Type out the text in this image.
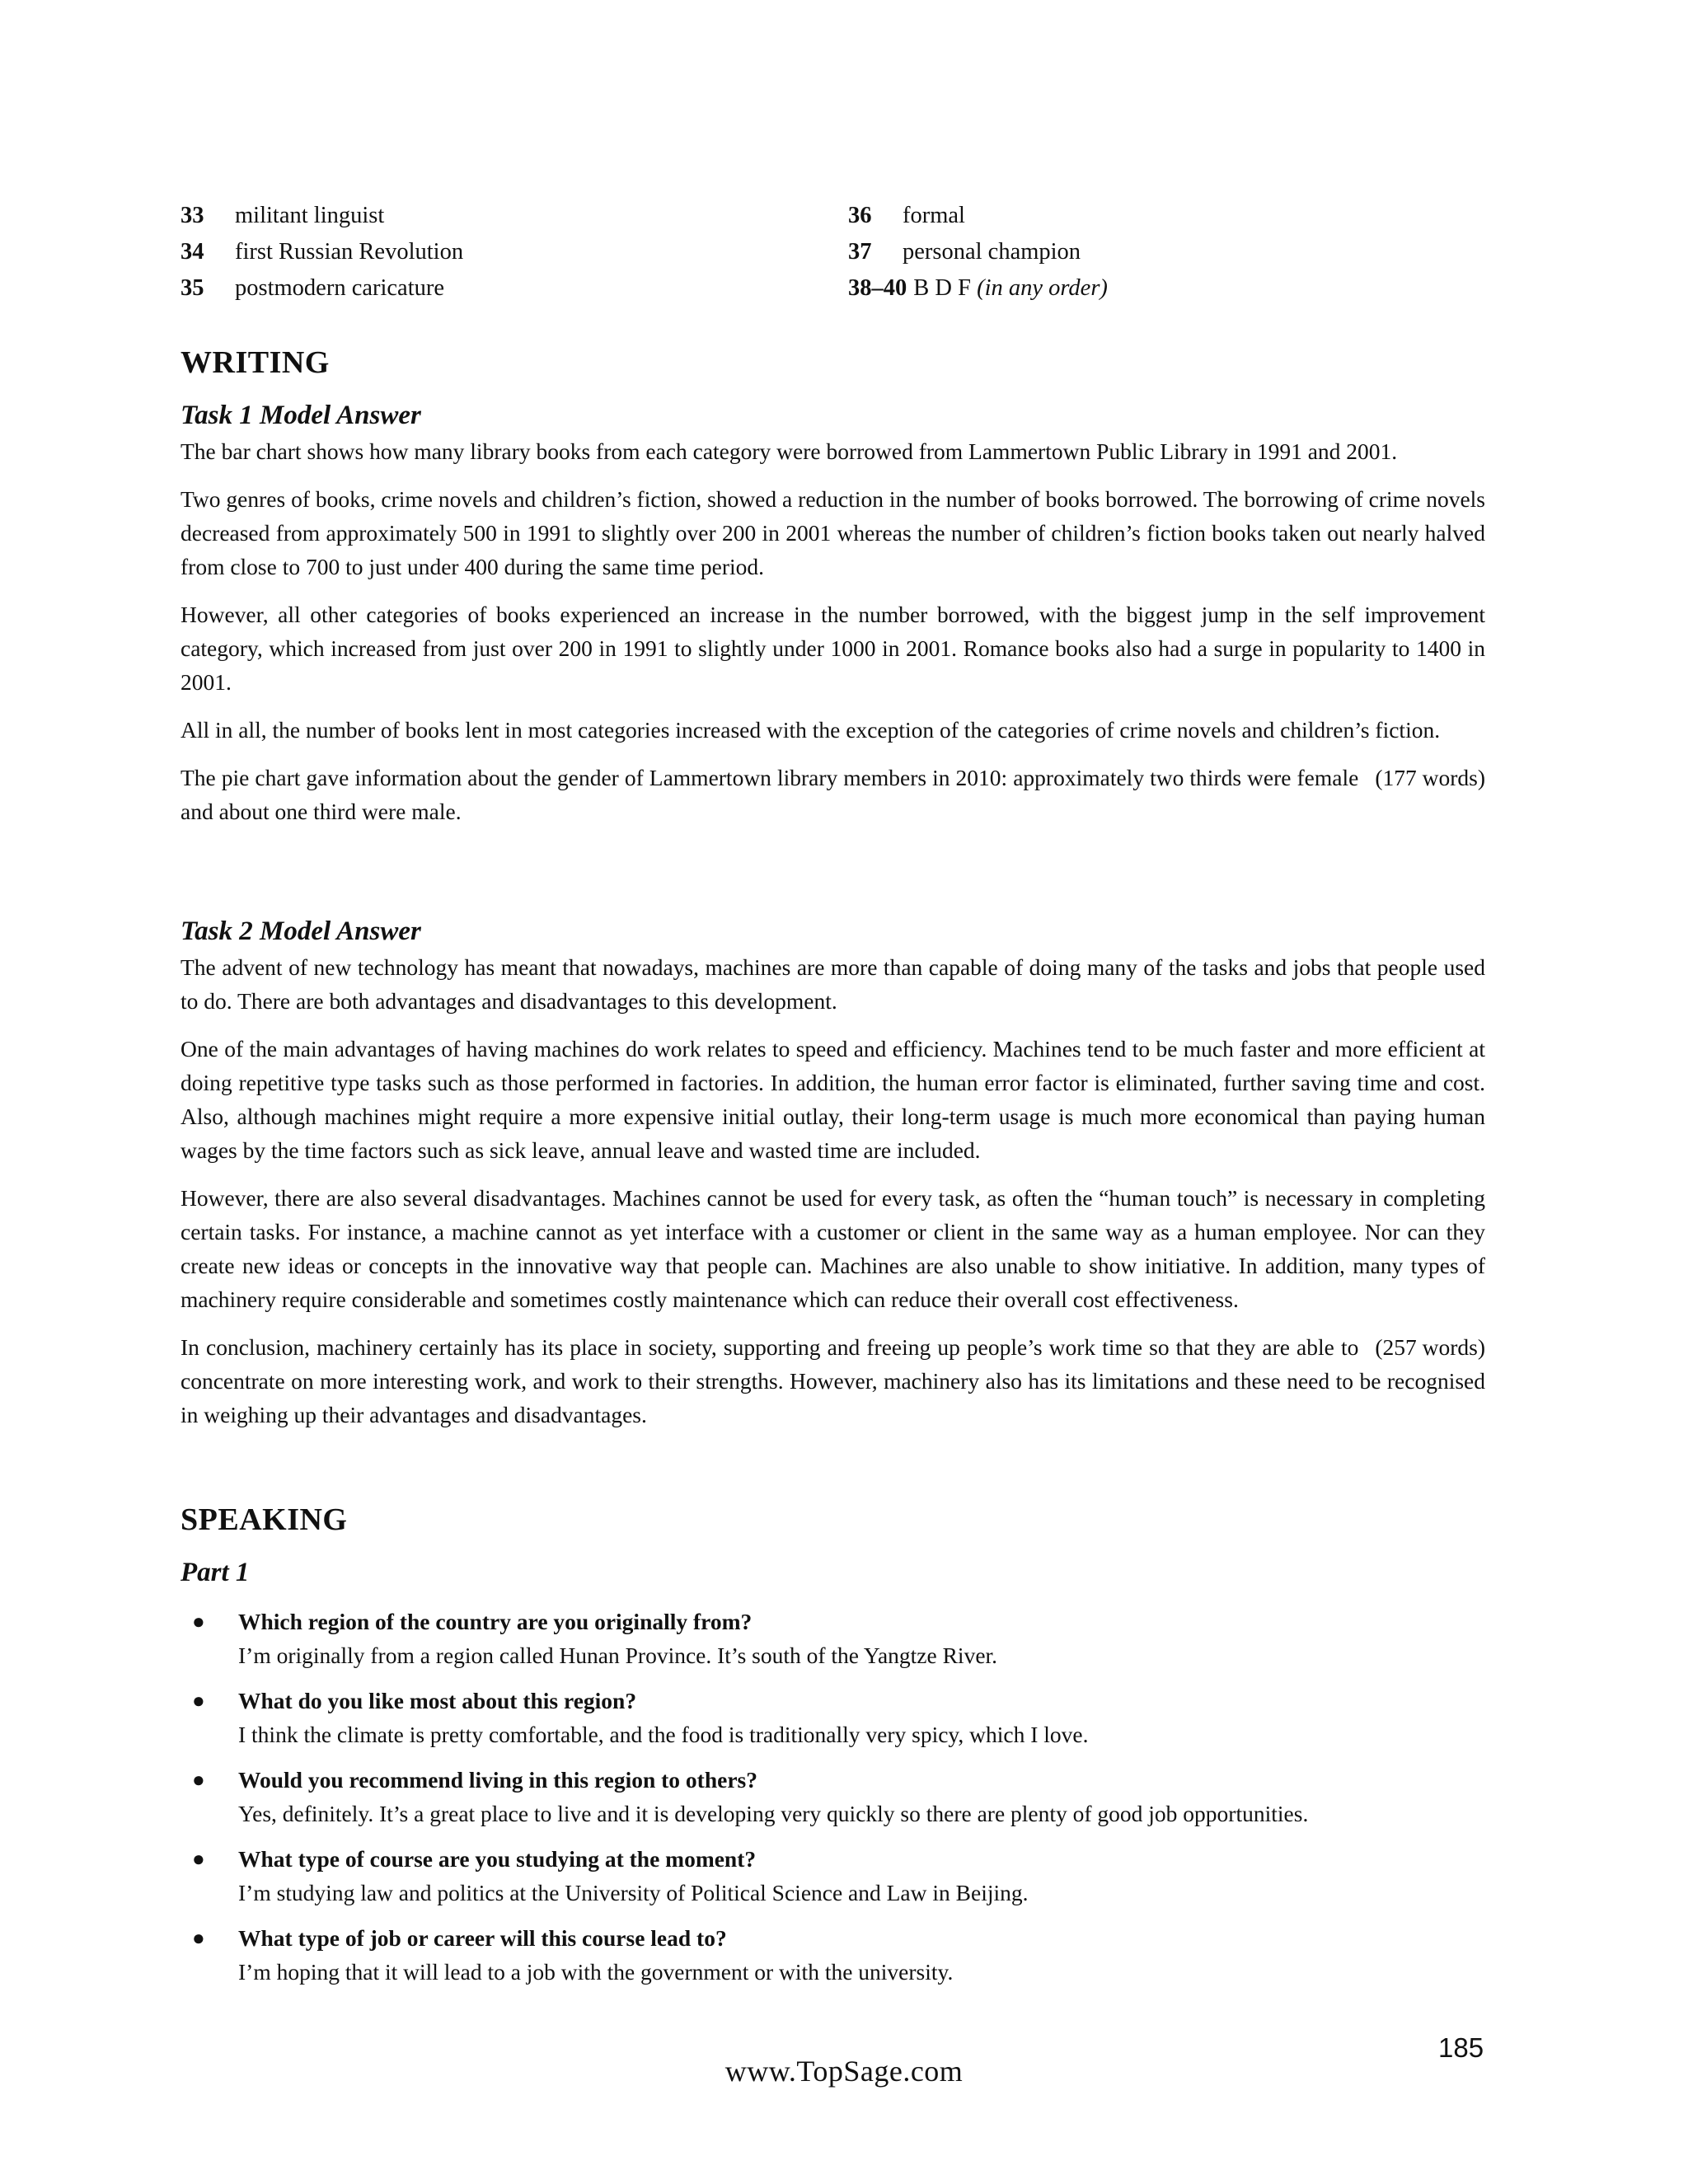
33 militant linguist
34 first Russian Revolution
35 postmodern caricature
36 formal
37 personal champion
38–40 B D F (in any order)
WRITING
Task 1 Model Answer

The bar chart shows how many library books from each category were borrowed from Lammertown Public Library in 1991 and 2001.

Two genres of books, crime novels and children’s fiction, showed a reduction in the number of books borrowed. The borrowing of crime novels decreased from approximately 500 in 1991 to slightly over 200 in 2001 whereas the number of children’s fiction books taken out nearly halved from close to 700 to just under 400 during the same time period.

However, all other categories of books experienced an increase in the number borrowed, with the biggest jump in the self improvement category, which increased from just over 200 in 1991 to slightly under 1000 in 2001. Romance books also had a surge in popularity to 1400 in 2001.

All in all, the number of books lent in most categories increased with the exception of the categories of crime novels and children’s fiction.

(177 words)
The pie chart gave information about the gender of Lammertown library members in 2010: approximately two thirds were female and about one third were male.

Task 2 Model Answer

The advent of new technology has meant that nowadays, machines are more than capable of doing many of the tasks and jobs that people used to do. There are both advantages and disadvantages to this development.

One of the main advantages of having machines do work relates to speed and efficiency. Machines tend to be much faster and more efficient at doing repetitive type tasks such as those performed in factories. In addition, the human error factor is eliminated, further saving time and cost. Also, although machines might require a more expensive initial outlay, their long-term usage is much more economical than paying human wages by the time factors such as sick leave, annual leave and wasted time are included.

However, there are also several disadvantages. Machines cannot be used for every task, as often the “human touch” is necessary in completing certain tasks. For instance, a machine cannot as yet interface with a customer or client in the same way as a human employee. Nor can they create new ideas or concepts in the innovative way that people can. Machines are also unable to show initiative. In addition, many types of machinery require considerable and sometimes costly maintenance which can reduce their overall cost effectiveness.

(257 words)
In conclusion, machinery certainly has its place in society, supporting and freeing up people’s work time so that they are able to concentrate on more interesting work, and work to their strengths. However, machinery also has its limitations and these need to be recognised in weighing up their advantages and disadvantages.

SPEAKING
Part 1
● Which region of the country are you originally from?
I’m originally from a region called Hunan Province. It’s south of the Yangtze River.
● What do you like most about this region?
I think the climate is pretty comfortable, and the food is traditionally very spicy, which I love.
● Would you recommend living in this region to others?
Yes, definitely. It’s a great place to live and it is developing very quickly so there are plenty of good job opportunities.
● What type of course are you studying at the moment?
I’m studying law and politics at the University of Political Science and Law in Beijing.
● What type of job or career will this course lead to?
I’m hoping that it will lead to a job with the government or with the university.
185
www.TopSage.com
